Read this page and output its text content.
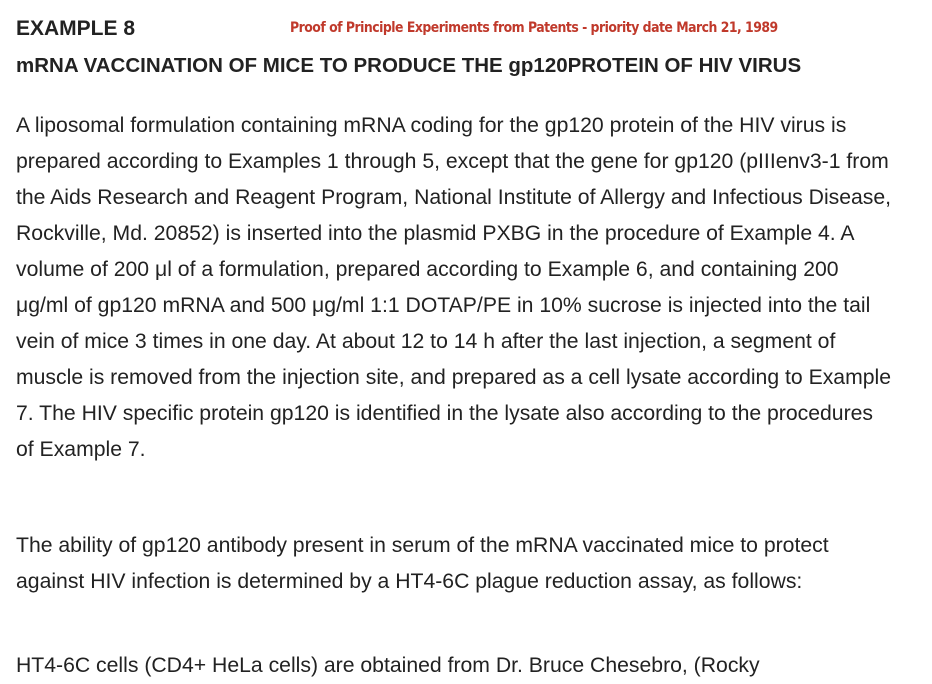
EXAMPLE 8	Proof of Principle Experiments from Patents - priority date March 21, 1989
mRNA VACCINATION OF MICE TO PRODUCE THE gp120PROTEIN OF HIV VIRUS

A liposomal formulation containing mRNA coding for the gp120 protein of the HIV virus is prepared according to Examples 1 through 5, except that the gene for gp120 (pIIIenv3-1 from the Aids Research and Reagent Program, National Institute of Allergy and Infectious Disease, Rockville, Md. 20852) is inserted into the plasmid PXBG in the procedure of Example 4. A volume of 200 μl of a formulation, prepared according to Example 6, and containing 200 μg/ml of gp120 mRNA and 500 μg/ml 1:1 DOTAP/PE in 10% sucrose is injected into the tail vein of mice 3 times in one day. At about 12 to 14 h after the last injection, a segment of muscle is removed from the injection site, and prepared as a cell lysate according to Example 7. The HIV specific protein gp120 is identified in the lysate also according to the procedures of Example 7.

The ability of gp120 antibody present in serum of the mRNA vaccinated mice to protect against HIV infection is determined by a HT4-6C plague reduction assay, as follows:

HT4-6C cells (CD4+ HeLa cells) are obtained from Dr. Bruce Chesebro, (Rocky
